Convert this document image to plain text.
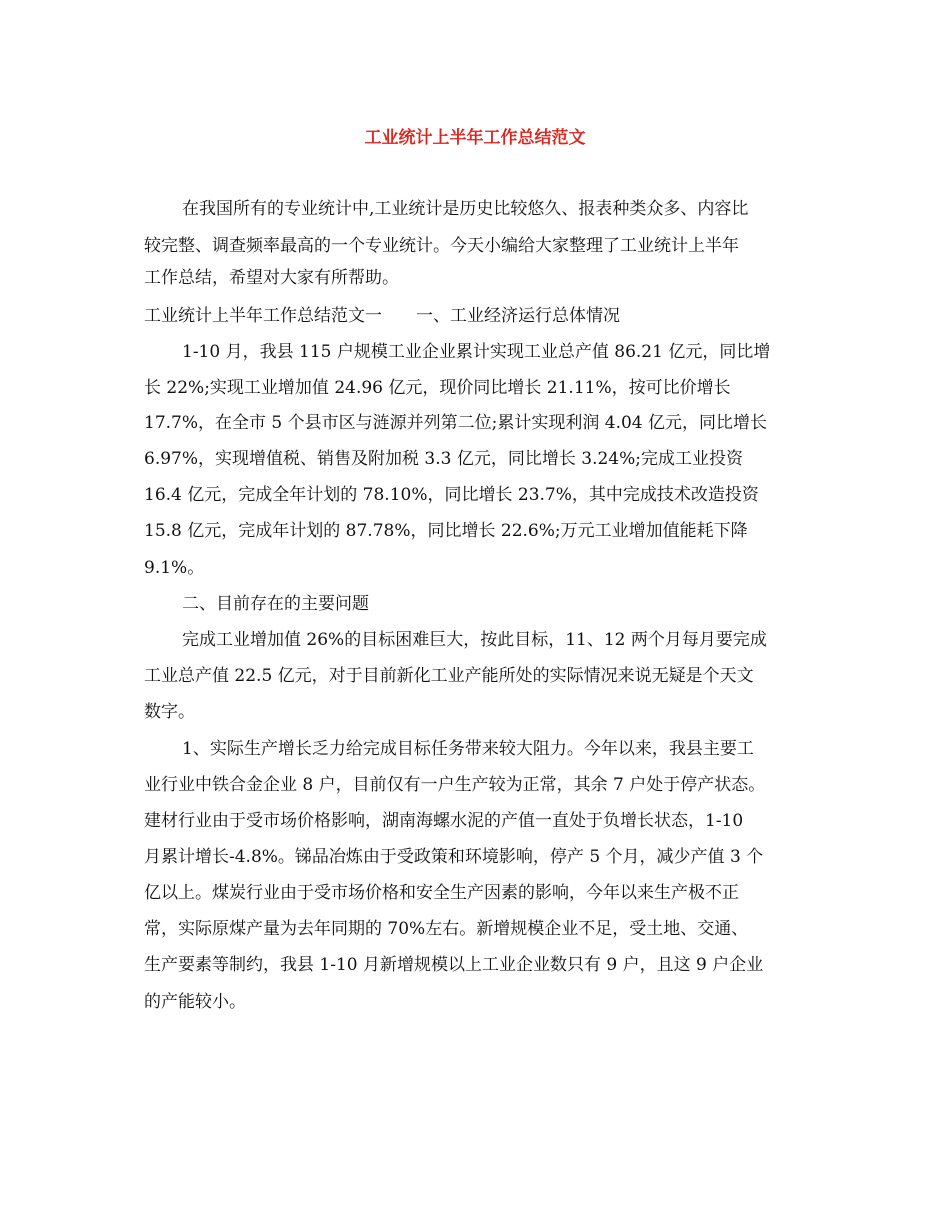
工业统计上半年工作总结范文
在我国所有的专业统计中,工业统计是历史比较悠久、报表种类众多、内容比
较完整、调查频率最高的一个专业统计。今天小编给大家整理了工业统计上半年
工作总结，希望对大家有所帮助。
工业统计上半年工作总结范文一　　一、工业经济运行总体情况
1-10 月，我县 115 户规模工业企业累计实现工业总产值 86.21 亿元，同比增
长 22%;实现工业增加值 24.96 亿元，现价同比增长 21.11%，按可比价增长
17.7%，在全市 5 个县市区与涟源并列第二位;累计实现利润 4.04 亿元，同比增长
6.97%，实现增值税、销售及附加税 3.3 亿元，同比增长 3.24%;完成工业投资
16.4 亿元，完成全年计划的 78.10%，同比增长 23.7%，其中完成技术改造投资
15.8 亿元，完成年计划的 87.78%，同比增长 22.6%;万元工业增加值能耗下降
9.1%。
二、目前存在的主要问题
完成工业增加值 26%的目标困难巨大，按此目标，11、12 两个月每月要完成
工业总产值 22.5 亿元，对于目前新化工业产能所处的实际情况来说无疑是个天文
数字。
1、实际生产增长乏力给完成目标任务带来较大阻力。今年以来，我县主要工
业行业中铁合金企业 8 户，目前仅有一户生产较为正常，其余 7 户处于停产状态。
建材行业由于受市场价格影响，湖南海螺水泥的产值一直处于负增长状态，1-10
月累计增长-4.8%。锑品冶炼由于受政策和环境影响，停产 5 个月，减少产值 3 个
亿以上。煤炭行业由于受市场价格和安全生产因素的影响，今年以来生产极不正
常，实际原煤产量为去年同期的 70%左右。新增规模企业不足，受土地、交通、
生产要素等制约，我县 1-10 月新增规模以上工业企业数只有 9 户，且这 9 户企业
的产能较小。
